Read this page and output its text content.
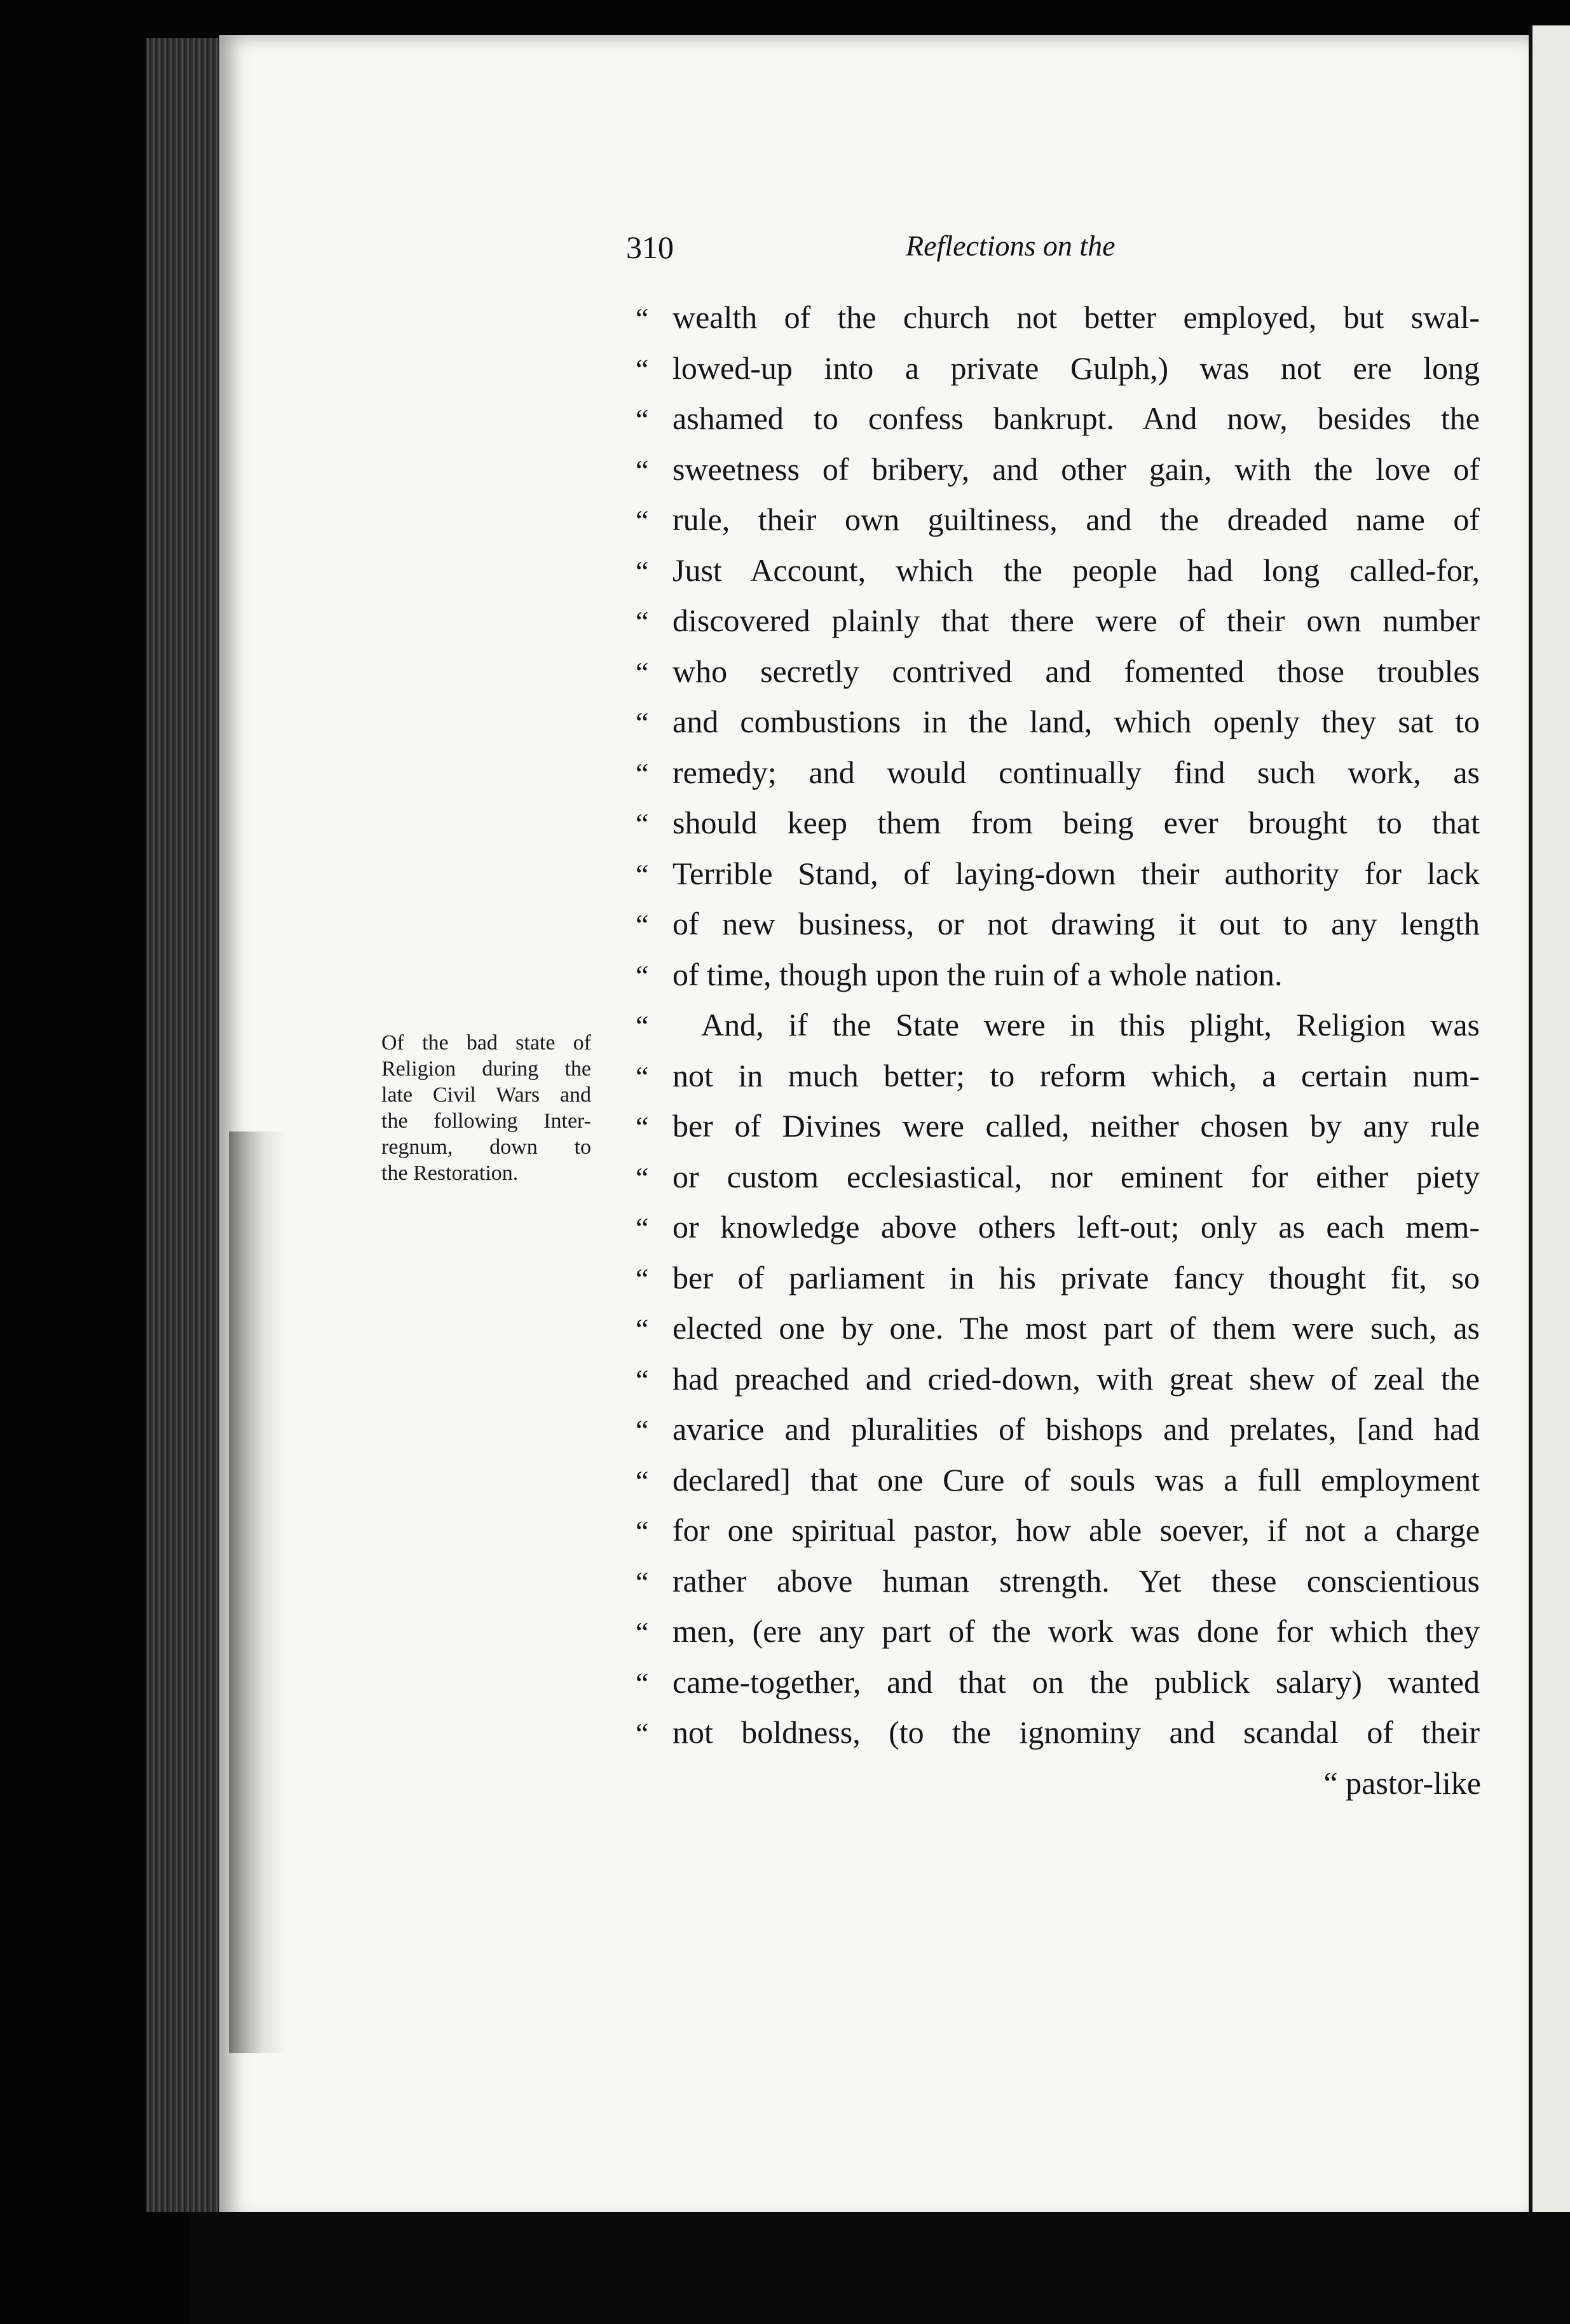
310	Reflections on the
Of the bad state of
Religion during the
late Civil Wars and
the following Inter-
regnum, down to
the Restoration.
“ wealth of the church not better employed, but swal-
“ lowed-up into a private Gulph,) was not ere long
“ ashamed to confess bankrupt. And now, besides the
“ sweetness of bribery, and other gain, with the love of
“ rule, their own guiltiness, and the dreaded name of
“ Just Account, which the people had long called-for,
“ discovered plainly that there were of their own number
“ who secretly contrived and fomented those troubles
“ and combustions in the land, which openly they sat to
“ remedy; and would continually find such work, as
“ should keep them from being ever brought to that
“ Terrible Stand, of laying-down their authority for lack
“ of new business, or not drawing it out to any length
“ of time, though upon the ruin of a whole nation.
“ And, if the State were in this plight, Religion was
“ not in much better; to reform which, a certain num-
“ ber of Divines were called, neither chosen by any rule
“ or custom ecclesiastical, nor eminent for either piety
“ or knowledge above others left-out; only as each mem-
“ ber of parliament in his private fancy thought fit, so
“ elected one by one. The most part of them were such, as
“ had preached and cried-down, with great shew of zeal the
“ avarice and pluralities of bishops and prelates, [and had
“ declared] that one Cure of souls was a full employment
“ for one spiritual pastor, how able soever, if not a charge
“ rather above human strength. Yet these conscientious
“ men, (ere any part of the work was done for which they
“ came-together, and that on the publick salary) wanted
“ not boldness, (to the ignominy and scandal of their
“ pastor-like
